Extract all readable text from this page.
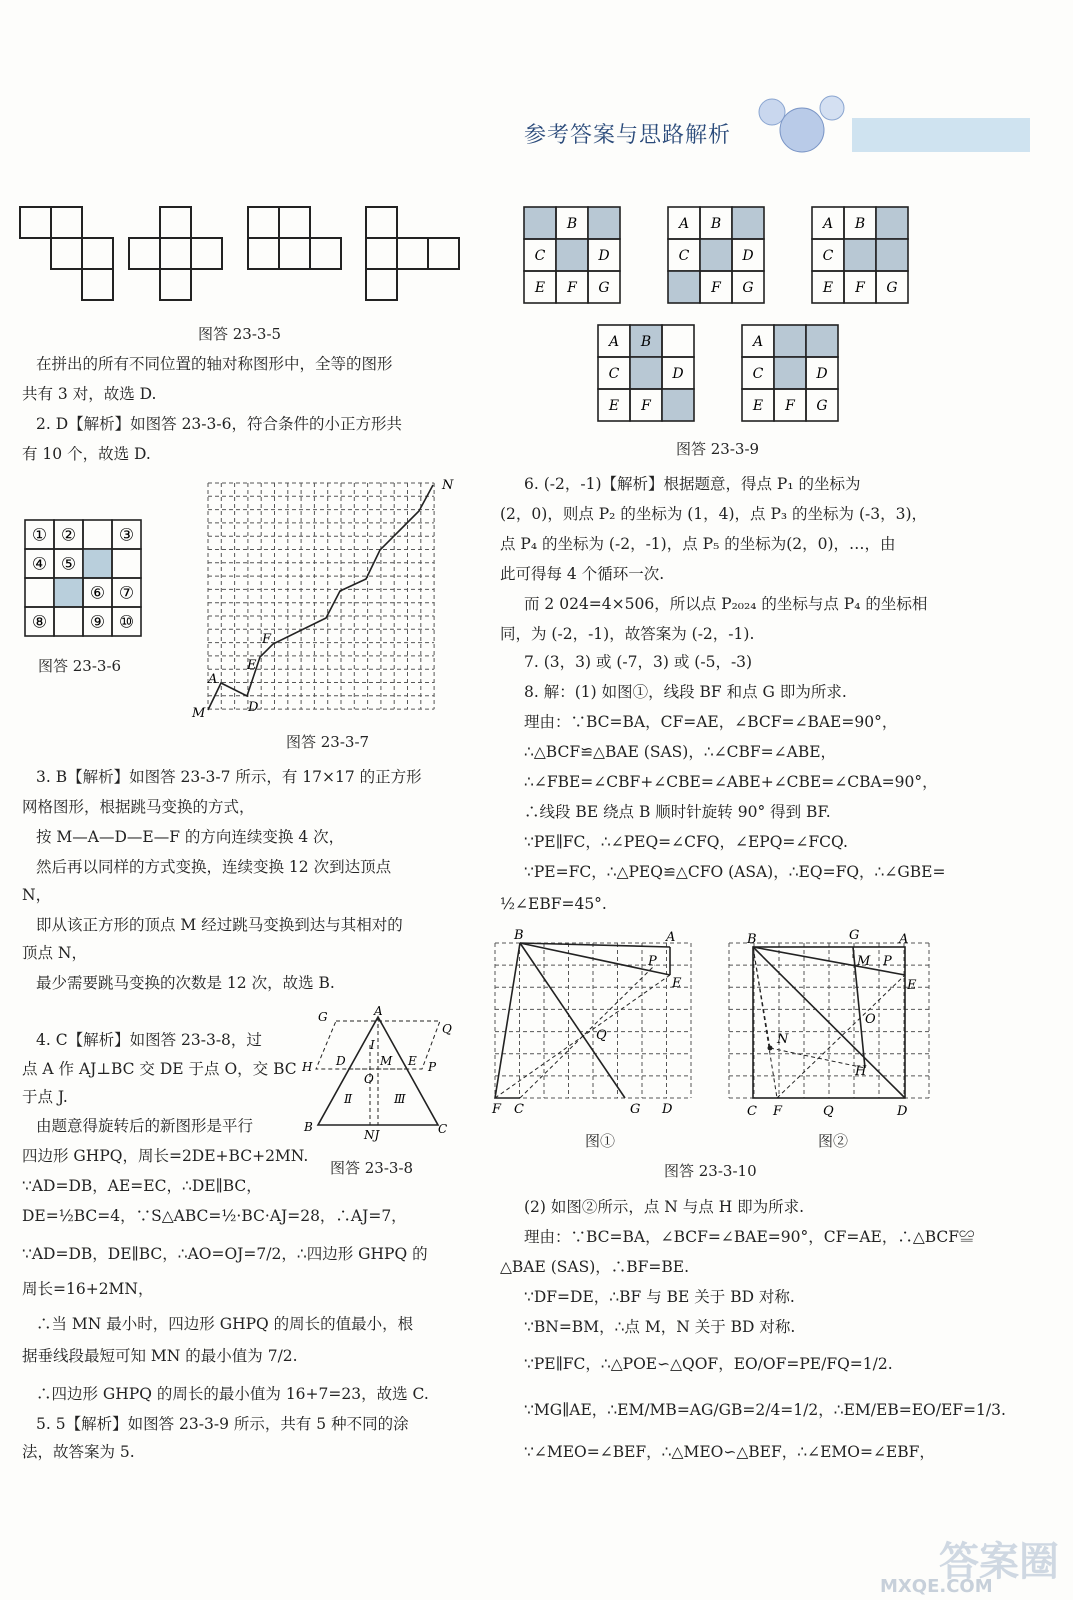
参考答案与思路解析
图答 23-3-5
在拼出的所有不同位置的轴对称图形中，全等的图形
共有 3 对，故选 D.
2. D【解析】如图答 23-3-6，符合条件的小正方形共
有 10 个，故选 D.
① ②	③
④ ⑤
⑥ ⑦
⑧	⑨ ⑩
图答 23-3-6
N
M
A
D
E
F
图答 23-3-7
3. B【解析】如图答 23-3-7 所示，有 17×17 的正方形
网格图形，根据跳马变换的方式，
按 M—A—D—E—F 的方向连续变换 4 次，
然后再以同样的方式变换，连续变换 12 次到达顶点
N，
即从该正方形的顶点 M 经过跳马变换到达与其相对的
顶点 N，
最少需要跳马变换的次数是 12 次，故选 B.
4. C【解析】如图答 23-3-8，过
点 A 作 AJ⊥BC 交 DE 于点 O，交 BC
于点 J.
由题意得旋转后的新图形是平行
四边形 GHPQ，周长=2DE+BC+2MN.
∵AD=DB，AE=EC，∴DE∥BC，
DE=½BC=4，∵S△ABC=½·BC·AJ=28，∴AJ=7，
∵AD=DB，DE∥BC，∴AO=OJ=7/2，∴四边形 GHPQ 的
周长=16+2MN，
∴当 MN 最小时，四边形 GHPQ 的周长的值最小，根
据垂线段最短可知 MN 的最小值为 7/2.
∴四边形 GHPQ 的周长的最小值为 16+7=23，故选 C.
5. 5【解析】如图答 23-3-9 所示，共有 5 种不同的涂
法，故答案为 5.
G	A
Q
H D
Ⅰ
M E P
O
Ⅱ	Ⅲ
B
NJ	C
图答 23-3-8
B
C	D
E F G
A B
C	D
F G
A B
C
E F G
A B
C	D
E F
A
C	D
E F G
图答 23-3-9
6. (-2，-1)【解析】根据题意，得点 P₁ 的坐标为
(2，0)，则点 P₂ 的坐标为 (1，4)，点 P₃ 的坐标为 (-3，3)，
点 P₄ 的坐标为 (-2，-1)，点 P₅ 的坐标为(2，0)，…，由
此可得每 4 个循环一次.
而 2 024=4×506，所以点 P₂₀₂₄ 的坐标与点 P₄ 的坐标相
同，为 (-2，-1)，故答案为 (-2，-1).
7. (3，3) 或 (-7，3) 或 (-5，-3)
8. 解：(1) 如图①，线段 BF 和点 G 即为所求.
理由：∵BC=BA，CF=AE，∠BCF=∠BAE=90°，
∴△BCF≌△BAE (SAS)，∴∠CBF=∠ABE，
∴∠FBE=∠CBF+∠CBE=∠ABE+∠CBE=∠CBA=90°，
∴线段 BE 绕点 B 顺时针旋转 90° 得到 BF.
∵PE∥FC，∴∠PEQ=∠CFQ，∠EPQ=∠FCQ.
∵PE=FC，∴△PEQ≌△CFO (ASA)，∴EQ=FQ，∴∠GBE=
½∠EBF=45°.
B	A
P
E
Q
F C	G D
B	G	A
M P
E
O
N
H
C F	Q	D
图①	图②
图答 23-3-10
(2) 如图②所示，点 N 与点 H 即为所求.
理由：∵BC=BA，∠BCF=∠BAE=90°，CF=AE，∴△BCF≌
△BAE (SAS)，∴BF=BE.
∵DF=DE，∴BF 与 BE 关于 BD 对称.
∵BN=BM，∴点 M，N 关于 BD 对称.
∵PE∥FC，∴△POE∽△QOF，EO/OF=PE/FQ=1/2.
∵MG∥AE，∴EM/MB=AG/GB=2/4=1/2，∴EM/EB=EO/EF=1/3.
∵∠MEO=∠BEF，∴△MEO∽△BEF，∴∠EMO=∠EBF，
答案圈
MXQE.COM
